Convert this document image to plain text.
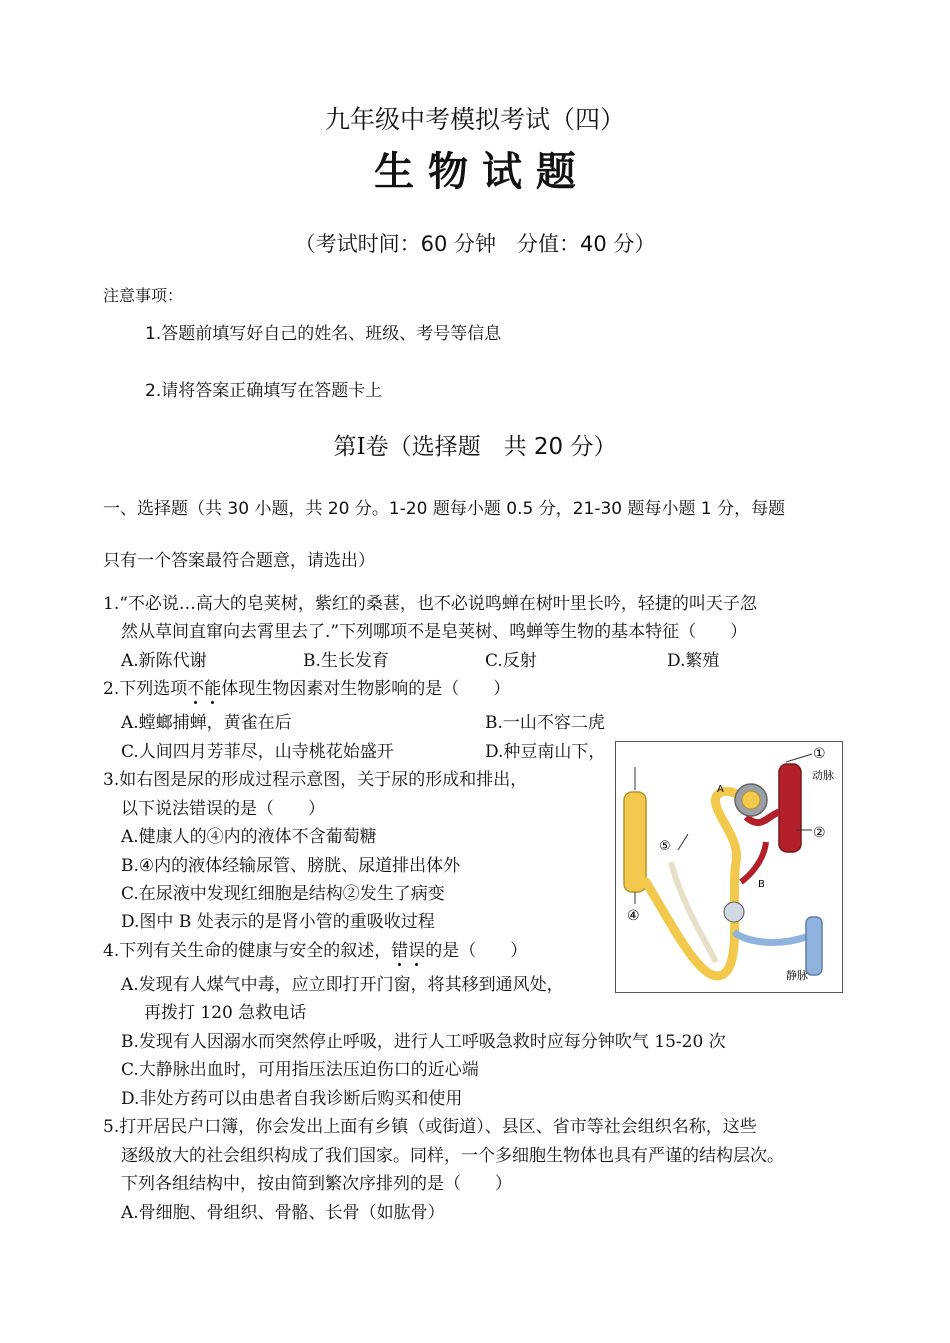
九年级中考模拟考试（四）
生 物 试 题
（考试时间：60 分钟　分值：40 分）
注意事项：
1.答题前填写好自己的姓名、班级、考号等信息
2.请将答案正确填写在答题卡上
第Ⅰ卷（选择题　共 20 分）
一、选择题（共 30 小题，共 20 分。1-20 题每小题 0.5 分，21-30 题每小题 1 分，每题
只有一个答案最符合题意，请选出）
1.“不必说…高大的皂荚树，紫红的桑葚，也不必说鸣蝉在树叶里长吟，轻捷的叫天子忽
然从草间直窜向去霄里去了.”下列哪项不是皂荚树、鸣蝉等生物的基本特征（　　）
A.新陈代谢	B.生长发育	C.反射	D.繁殖
2.下列选项不能体现生物因素对生物影响的是（　　）
A.螳螂捕蝉，黄雀在后	B.一山不容二虎
C.人间四月芳菲尽，山寺桃花始盛开	D.种豆南山下，
3.如右图是尿的形成过程示意图，关于尿的形成和排出，
以下说法错误的是（　　）
A.健康人的④内的液体不含葡萄糖
B.④内的液体经输尿管、膀胱、尿道排出体外
C.在尿液中发现红细胞是结构②发生了病变
D.图中 B 处表示的是肾小管的重吸收过程
①
动脉
②
④
⑤
A
B
静脉
4.下列有关生命的健康与安全的叙述，错误的是（　　）
A.发现有人煤气中毒，应立即打开门窗，将其移到通风处，
再拨打 120 急救电话
B.发现有人因溺水而突然停止呼吸，进行人工呼吸急救时应每分钟吹气 15-20 次
C.大静脉出血时，可用指压法压迫伤口的近心端
D.非处方药可以由患者自我诊断后购买和使用
5.打开居民户口簿，你会发出上面有乡镇（或街道）、县区、省市等社会组织名称，这些
逐级放大的社会组织构成了我们国家。同样，一个多细胞生物体也具有严谨的结构层次。
下列各组结构中，按由简到繁次序排列的是（　　）
A.骨细胞、骨组织、骨骼、长骨（如肱骨）
